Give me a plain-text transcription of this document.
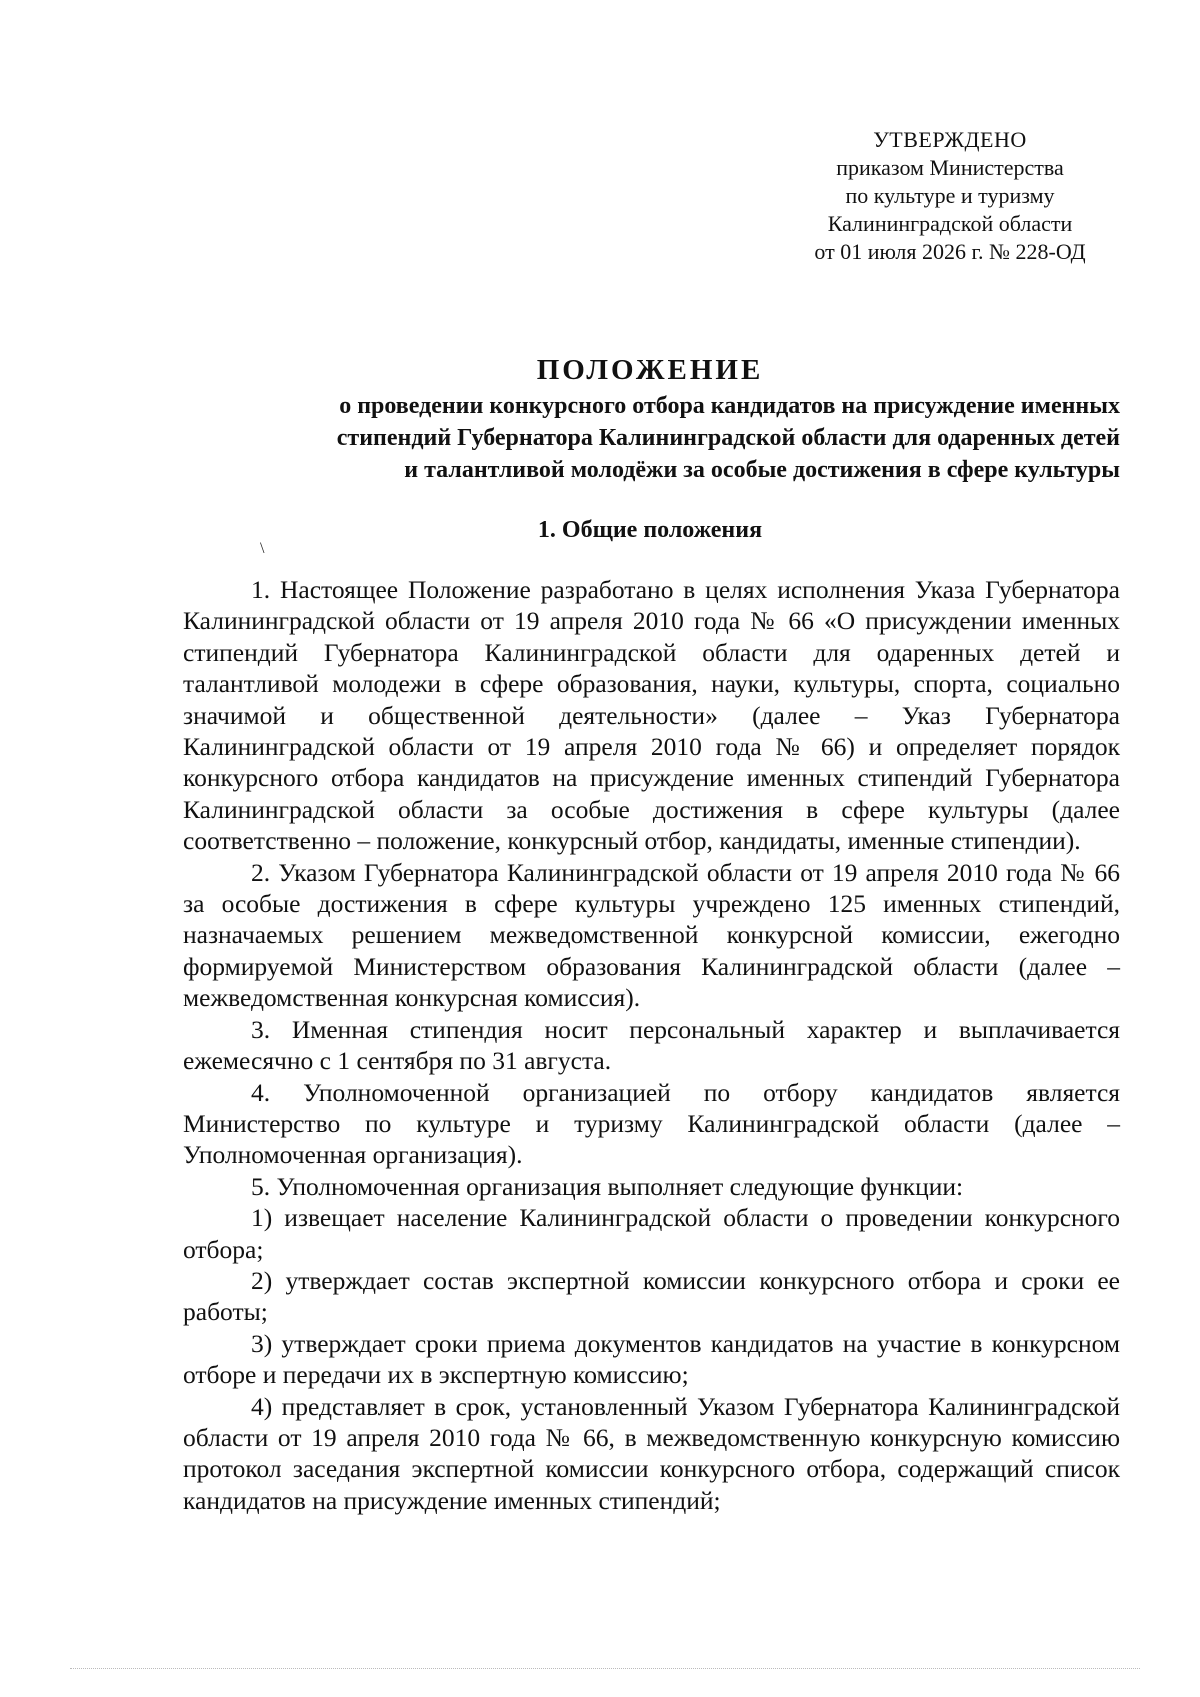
УТВЕРЖДЕНО
приказом Министерства
по культуре и туризму
Калининградской области
от 01 июля 2026 г. № 228-ОД
ПОЛОЖЕНИЕ
о проведении конкурсного отбора кандидатов на присуждение именных
стипендий Губернатора Калининградской области для одаренных детей
и талантливой молодёжи за особые достижения в сфере культуры
1. Общие положения
\

1. Настоящее Положение разработано в целях исполнения Указа Губернатора Калининградской области от 19 апреля 2010 года № 66 «О присуждении именных стипендий Губернатора Калининградской области для одаренных детей и талантливой молодежи в сфере образования, науки, культуры, спорта, социально значимой и общественной деятельности» (далее – Указ Губернатора Калининградской области от 19 апреля 2010 года № 66) и определяет порядок конкурсного отбора кандидатов на присуждение именных стипендий Губернатора Калининградской области за особые достижения в сфере культуры (далее соответственно – положение, конкурсный отбор, кандидаты, именные стипендии).

2. Указом Губернатора Калининградской области от 19 апреля 2010 года № 66 за особые достижения в сфере культуры учреждено 125 именных стипендий, назначаемых решением межведомственной конкурсной комиссии, ежегодно формируемой Министерством образования Калининградской области (далее – межведомственная конкурсная комиссия).

3. Именная стипендия носит персональный характер и выплачивается ежемесячно с 1 сентября по 31 августа.

4. Уполномоченной организацией по отбору кандидатов является Министерство по культуре и туризму Калининградской области (далее – Уполномоченная организация).

5. Уполномоченная организация выполняет следующие функции:

1) извещает население Калининградской области о проведении конкурсного отбора;

2) утверждает состав экспертной комиссии конкурсного отбора и сроки ее работы;

3) утверждает сроки приема документов кандидатов на участие в конкурсном отборе и передачи их в экспертную комиссию;

4) представляет в срок, установленный Указом Губернатора Калининградской области от 19 апреля 2010 года № 66, в межведомственную конкурсную комиссию протокол заседания экспертной комиссии конкурсного отбора, содержащий список кандидатов на присуждение именных стипендий;
